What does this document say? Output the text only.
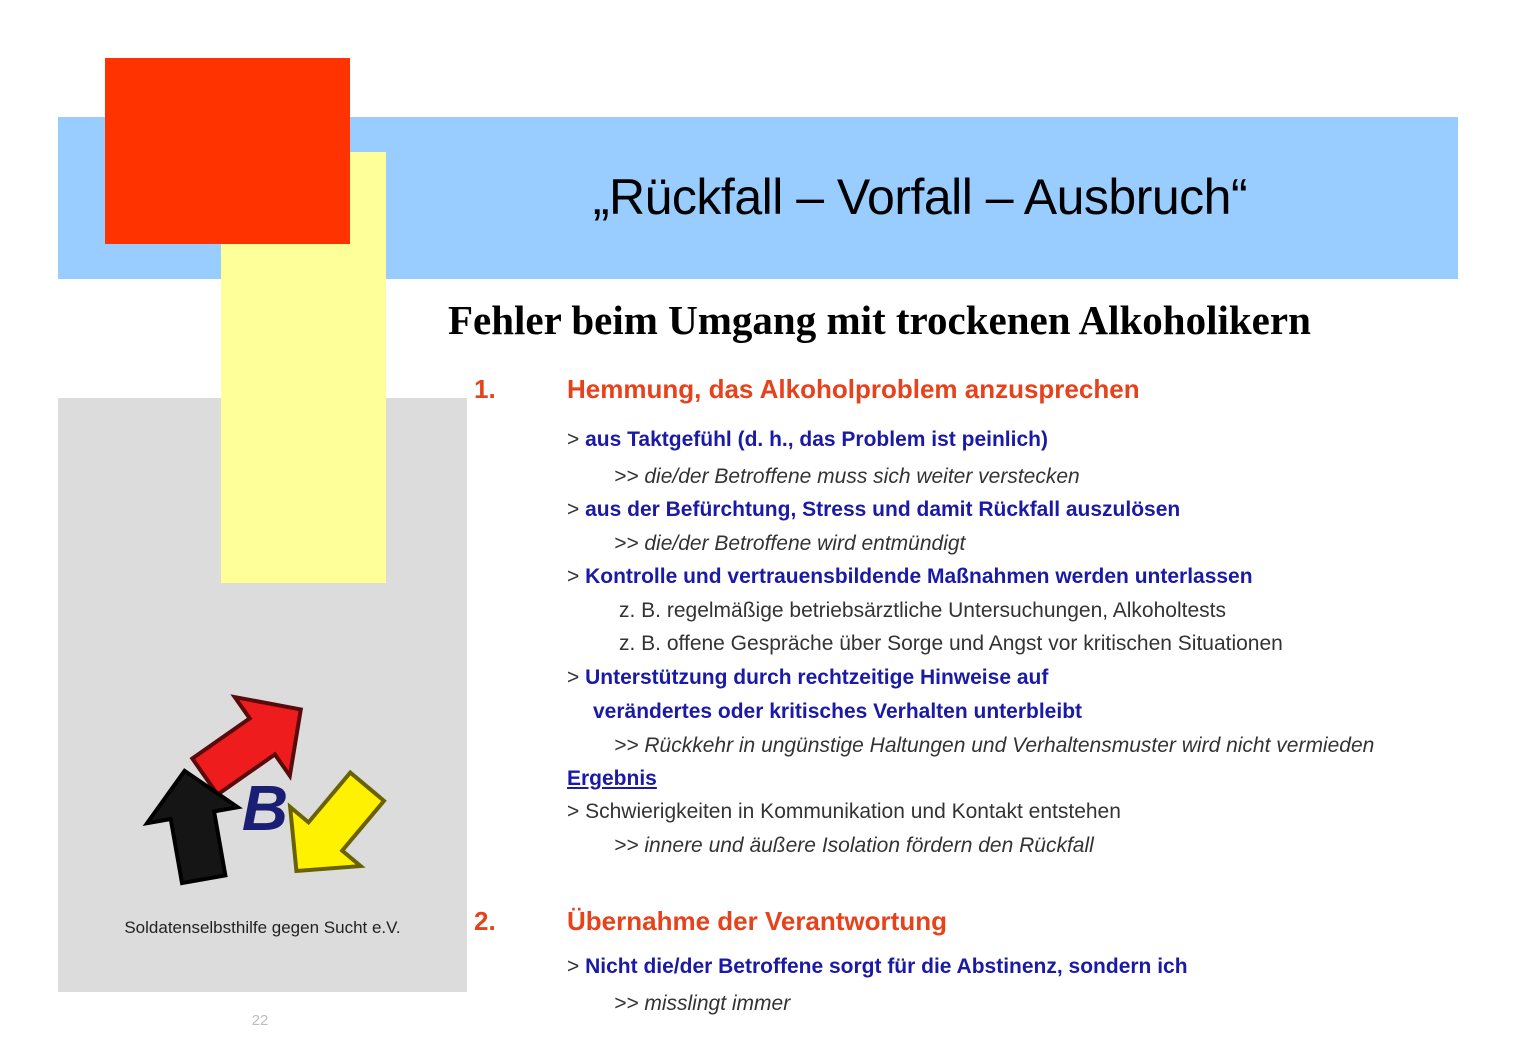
„Rückfall – Vorfall – Ausbruch“
Fehler beim Umgang mit trockenen Alkoholikern
1.	Hemmung, das Alkoholproblem anzusprechen
> aus Taktgefühl (d. h., das Problem ist peinlich)
>> die/der Betroffene muss sich weiter verstecken
> aus der Befürchtung, Stress und damit Rückfall auszulösen
>> die/der Betroffene wird entmündigt
> Kontrolle und vertrauensbildende Maßnahmen werden unterlassen
z. B. regelmäßige betriebsärztliche Untersuchungen, Alkoholtests
z. B. offene Gespräche über Sorge und Angst vor kritischen Situationen
> Unterstützung durch rechtzeitige Hinweise auf
verändertes oder kritisches Verhalten unterbleibt
>> Rückkehr in ungünstige Haltungen und Verhaltensmuster wird nicht vermieden
Ergebnis
> Schwierigkeiten in Kommunikation und Kontakt entstehen
>> innere und äußere Isolation fördern den Rückfall
2.	Übernahme der Verantwortung
> Nicht die/der Betroffene sorgt für die Abstinenz, sondern ich
>> misslingt immer
B
Soldatenselbsthilfe gegen Sucht e.V.
22
